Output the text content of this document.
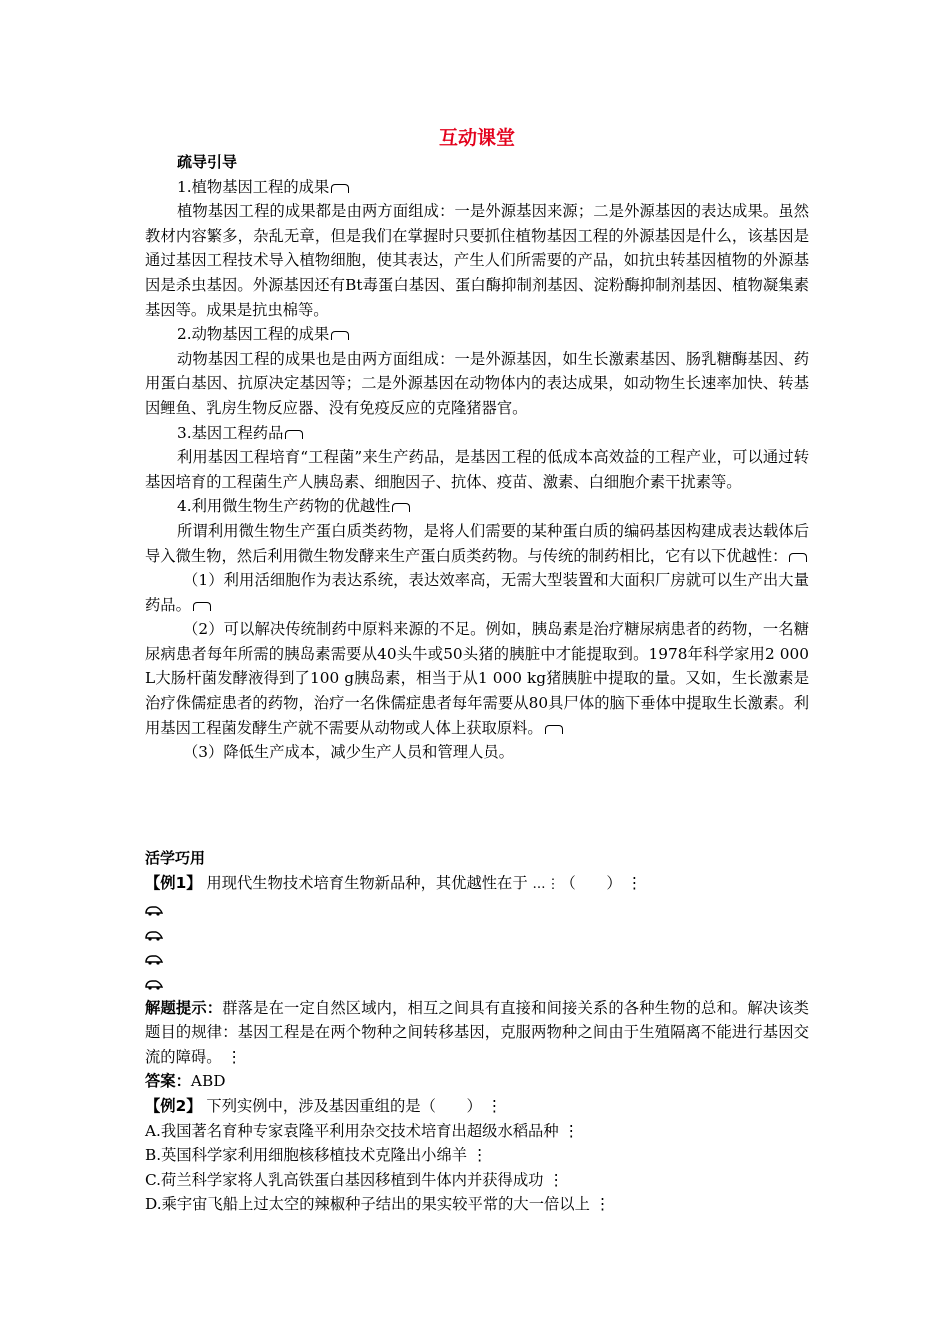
互动课堂

疏导引导

1.植物基因工程的成果

植物基因工程的成果都是由两方面组成：一是外源基因来源；二是外源基因的表达成果。虽然教材内容繁多，杂乱无章，但是我们在掌握时只要抓住植物基因工程的外源基因是什么，该基因是通过基因工程技术导入植物细胞，使其表达，产生人们所需要的产品，如抗虫转基因植物的外源基因是杀虫基因。外源基因还有Bt毒蛋白基因、蛋白酶抑制剂基因、淀粉酶抑制剂基因、植物凝集素基因等。成果是抗虫棉等。

2.动物基因工程的成果

动物基因工程的成果也是由两方面组成：一是外源基因，如生长激素基因、肠乳糖酶基因、药用蛋白基因、抗原决定基因等；二是外源基因在动物体内的表达成果，如动物生长速率加快、转基因鲤鱼、乳房生物反应器、没有免疫反应的克隆猪器官。

3.基因工程药品

利用基因工程培育“工程菌”来生产药品，是基因工程的低成本高效益的工程产业，可以通过转基因培育的工程菌生产人胰岛素、细胞因子、抗体、疫苗、激素、白细胞介素干扰素等。

4.利用微生物生产药物的优越性

所谓利用微生物生产蛋白质类药物，是将人们需要的某种蛋白质的编码基因构建成表达载体后导入微生物，然后利用微生物发酵来生产蛋白质类药物。与传统的制药相比，它有以下优越性：

（1）利用活细胞作为表达系统，表达效率高，无需大型装置和大面积厂房就可以生产出大量药品。

（2）可以解决传统制药中原料来源的不足。例如，胰岛素是治疗糖尿病患者的药物，一名糖尿病患者每年所需的胰岛素需要从40头牛或50头猪的胰脏中才能提取到。1978年科学家用2 000 L大肠杆菌发酵液得到了100 g胰岛素，相当于从1 000 kg猪胰脏中提取的量。又如，生长激素是治疗侏儒症患者的药物，治疗一名侏儒症患者每年需要从80具尸体的脑下垂体中提取生长激素。利用基因工程菌发酵生产就不需要从动物或人体上获取原料。

（3）降低生产成本，减少生产人员和管理人员。

活学巧用

【例1】 用现代生物技术培育生物新品种，其优越性在于 …⋮（　　） ⋮

解题提示：群落是在一定自然区域内，相互之间具有直接和间接关系的各种生物的总和。解决该类题目的规律：基因工程是在两个物种之间转移基因，克服两物种之间由于生殖隔离不能进行基因交流的障碍。 ⋮

答案：ABD

【例2】 下列实例中，涉及基因重组的是（　　） ⋮

A.我国著名育种专家袁隆平利用杂交技术培育出超级水稻品种 ⋮

B.英国科学家利用细胞核移植技术克隆出小绵羊 ⋮

C.荷兰科学家将人乳高铁蛋白基因移植到牛体内并获得成功 ⋮

D.乘宇宙飞船上过太空的辣椒种子结出的果实较平常的大一倍以上 ⋮
